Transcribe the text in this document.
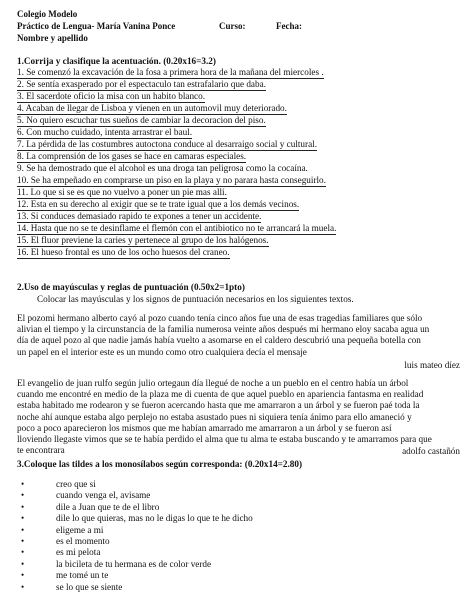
Colegio Modelo
Práctico de Lengua- María Vanina Ponce	Curso:	Fecha:
Nombre y apellido
1.Corrija y clasifique la acentuación. (0.20x16=3.2)
1. Se comenzó la excavación de la fosa a primera hora de la mañana del miercoles .
2. Se sentía exasperado por el espectaculo tan estrafalario que daba.
3. El sacerdote oficio la misa con un habito blanco.
4. Acaban de llegar de Lisboa y vienen en un automovil muy deteriorado.
5. No quiero escuchar tus sueños de cambiar la decoracion del piso.
6. Con mucho cuidado, intenta arrastrar el baul.
7. La pérdida de las costumbres autoctona conduce al desarraigo social y cultural.
8. La comprensión de los gases se hace en camaras especiales.
9. Se ha demostrado que el alcohol es una droga tan peligrosa como la cocaína.
10. Se ha empeñado en comprarse un piso en la playa y no parara hasta conseguirlo.
11. Lo que si se es que no vuelvo a poner un pie mas allí.
12. Esta en su derecho al exigir que se te trate igual que a los demás vecinos.
13. Si conduces demasiado rapido te expones a tener un accidente.
14. Hasta que no se te desinflame el flemón con el antibiotico no te arrancará la muela.
15. El fluor previene la caries y pertenece al grupo de los halógenos.
16. El hueso frontal es uno de los ocho huesos del craneo.
2.Uso de mayúsculas y reglas de puntuación (0.50x2=1pto)
Colocar las mayúsculas y los signos de puntuación necesarios en los siguientes textos.
El pozomi hermano alberto cayó al pozo cuando tenía cinco años fue una de esas tragedias familiares que sólo
alivian el tiempo y la circunstancia de la familia numerosa veinte años después mi hermano eloy sacaba agua un
día de aquel pozo al que nadie jamás había vuelto a asomarse en el caldero descubrió una pequeña botella con
un papel en el interior este es un mundo como otro cualquiera decía el mensaje
luis mateo díez
El evangelio de juan rulfo según julio ortegaun día llegué de noche a un pueblo en el centro había un árbol
cuando me encontré en medio de la plaza me di cuenta de que aquel pueblo en apariencia fantasma en realidad
estaba habitado me rodearon y se fueron acercando hasta que me amarraron a un árbol y se fueron paé toda la
noche ahí aunque estaba algo perplejo no estaba asustado pues ni siquiera tenía ánimo para ello amaneció y
poco a poco aparecieron los mismos que me habían amarrado me amarraron a un árbol y se fueron así
lloviendo llegaste vimos que se te había perdido el alma que tu alma te estaba buscando y te amarramos para que
te encontrara	adolfo castañón
3.Coloque las tildes a los monosílabos según corresponda: (0.20x14=2.80)
•	creo que si
•	cuando venga el, avisame
•	dile a Juan que te de el libro
•	dile lo que quieras, mas no le digas lo que te he dicho
•	eligeme a mi
•	es el momento
•	es mi pelota
•	la bicileta de tu hermana es de color verde
•	me tomé un te
•	se lo que se siente
